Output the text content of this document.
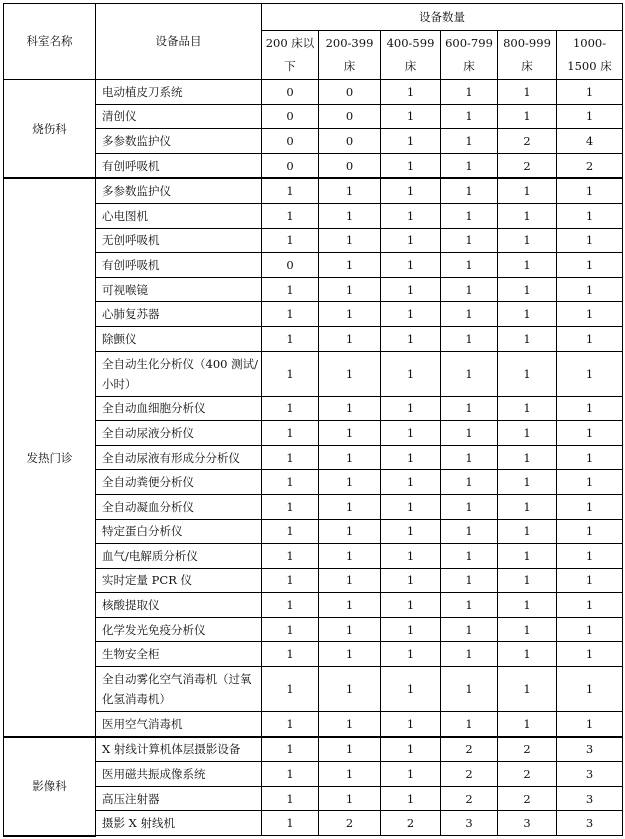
科室名称	设备品目	设备数量					
		200 床以下	200-399 床	400-599 床	600-799 床	800-999 床	1000-1500 床
烧伤科	电动植皮刀系统	0	0	1	1	1	1
	清创仪	0	0	1	1	1	1
	多参数监护仪	0	0	1	1	2	4
	有创呼吸机	0	0	1	1	2	2
发热门诊	多参数监护仪	1	1	1	1	1	1
	心电图机	1	1	1	1	1	1
	无创呼吸机	1	1	1	1	1	1
	有创呼吸机	0	1	1	1	1	1
	可视喉镜	1	1	1	1	1	1
	心肺复苏器	1	1	1	1	1	1
	除颤仪	1	1	1	1	1	1
	全自动生化分析仪（400 测试/小时）	1	1	1	1	1	1
	全自动血细胞分析仪	1	1	1	1	1	1
	全自动尿液分析仪	1	1	1	1	1	1
	全自动尿液有形成分分析仪	1	1	1	1	1	1
	全自动粪便分析仪	1	1	1	1	1	1
	全自动凝血分析仪	1	1	1	1	1	1
	特定蛋白分析仪	1	1	1	1	1	1
	血气/电解质分析仪	1	1	1	1	1	1
	实时定量 PCR 仪	1	1	1	1	1	1
	核酸提取仪	1	1	1	1	1	1
	化学发光免疫分析仪	1	1	1	1	1	1
	生物安全柜	1	1	1	1	1	1
	全自动雾化空气消毒机（过氧化氢消毒机）	1	1	1	1	1	1
	医用空气消毒机	1	1	1	1	1	1
影像科	X 射线计算机体层摄影设备	1	1	1	2	2	3
	医用磁共振成像系统	1	1	1	2	2	3
	高压注射器	1	1	1	2	2	3
	摄影 X 射线机	1	2	2	3	3	3
